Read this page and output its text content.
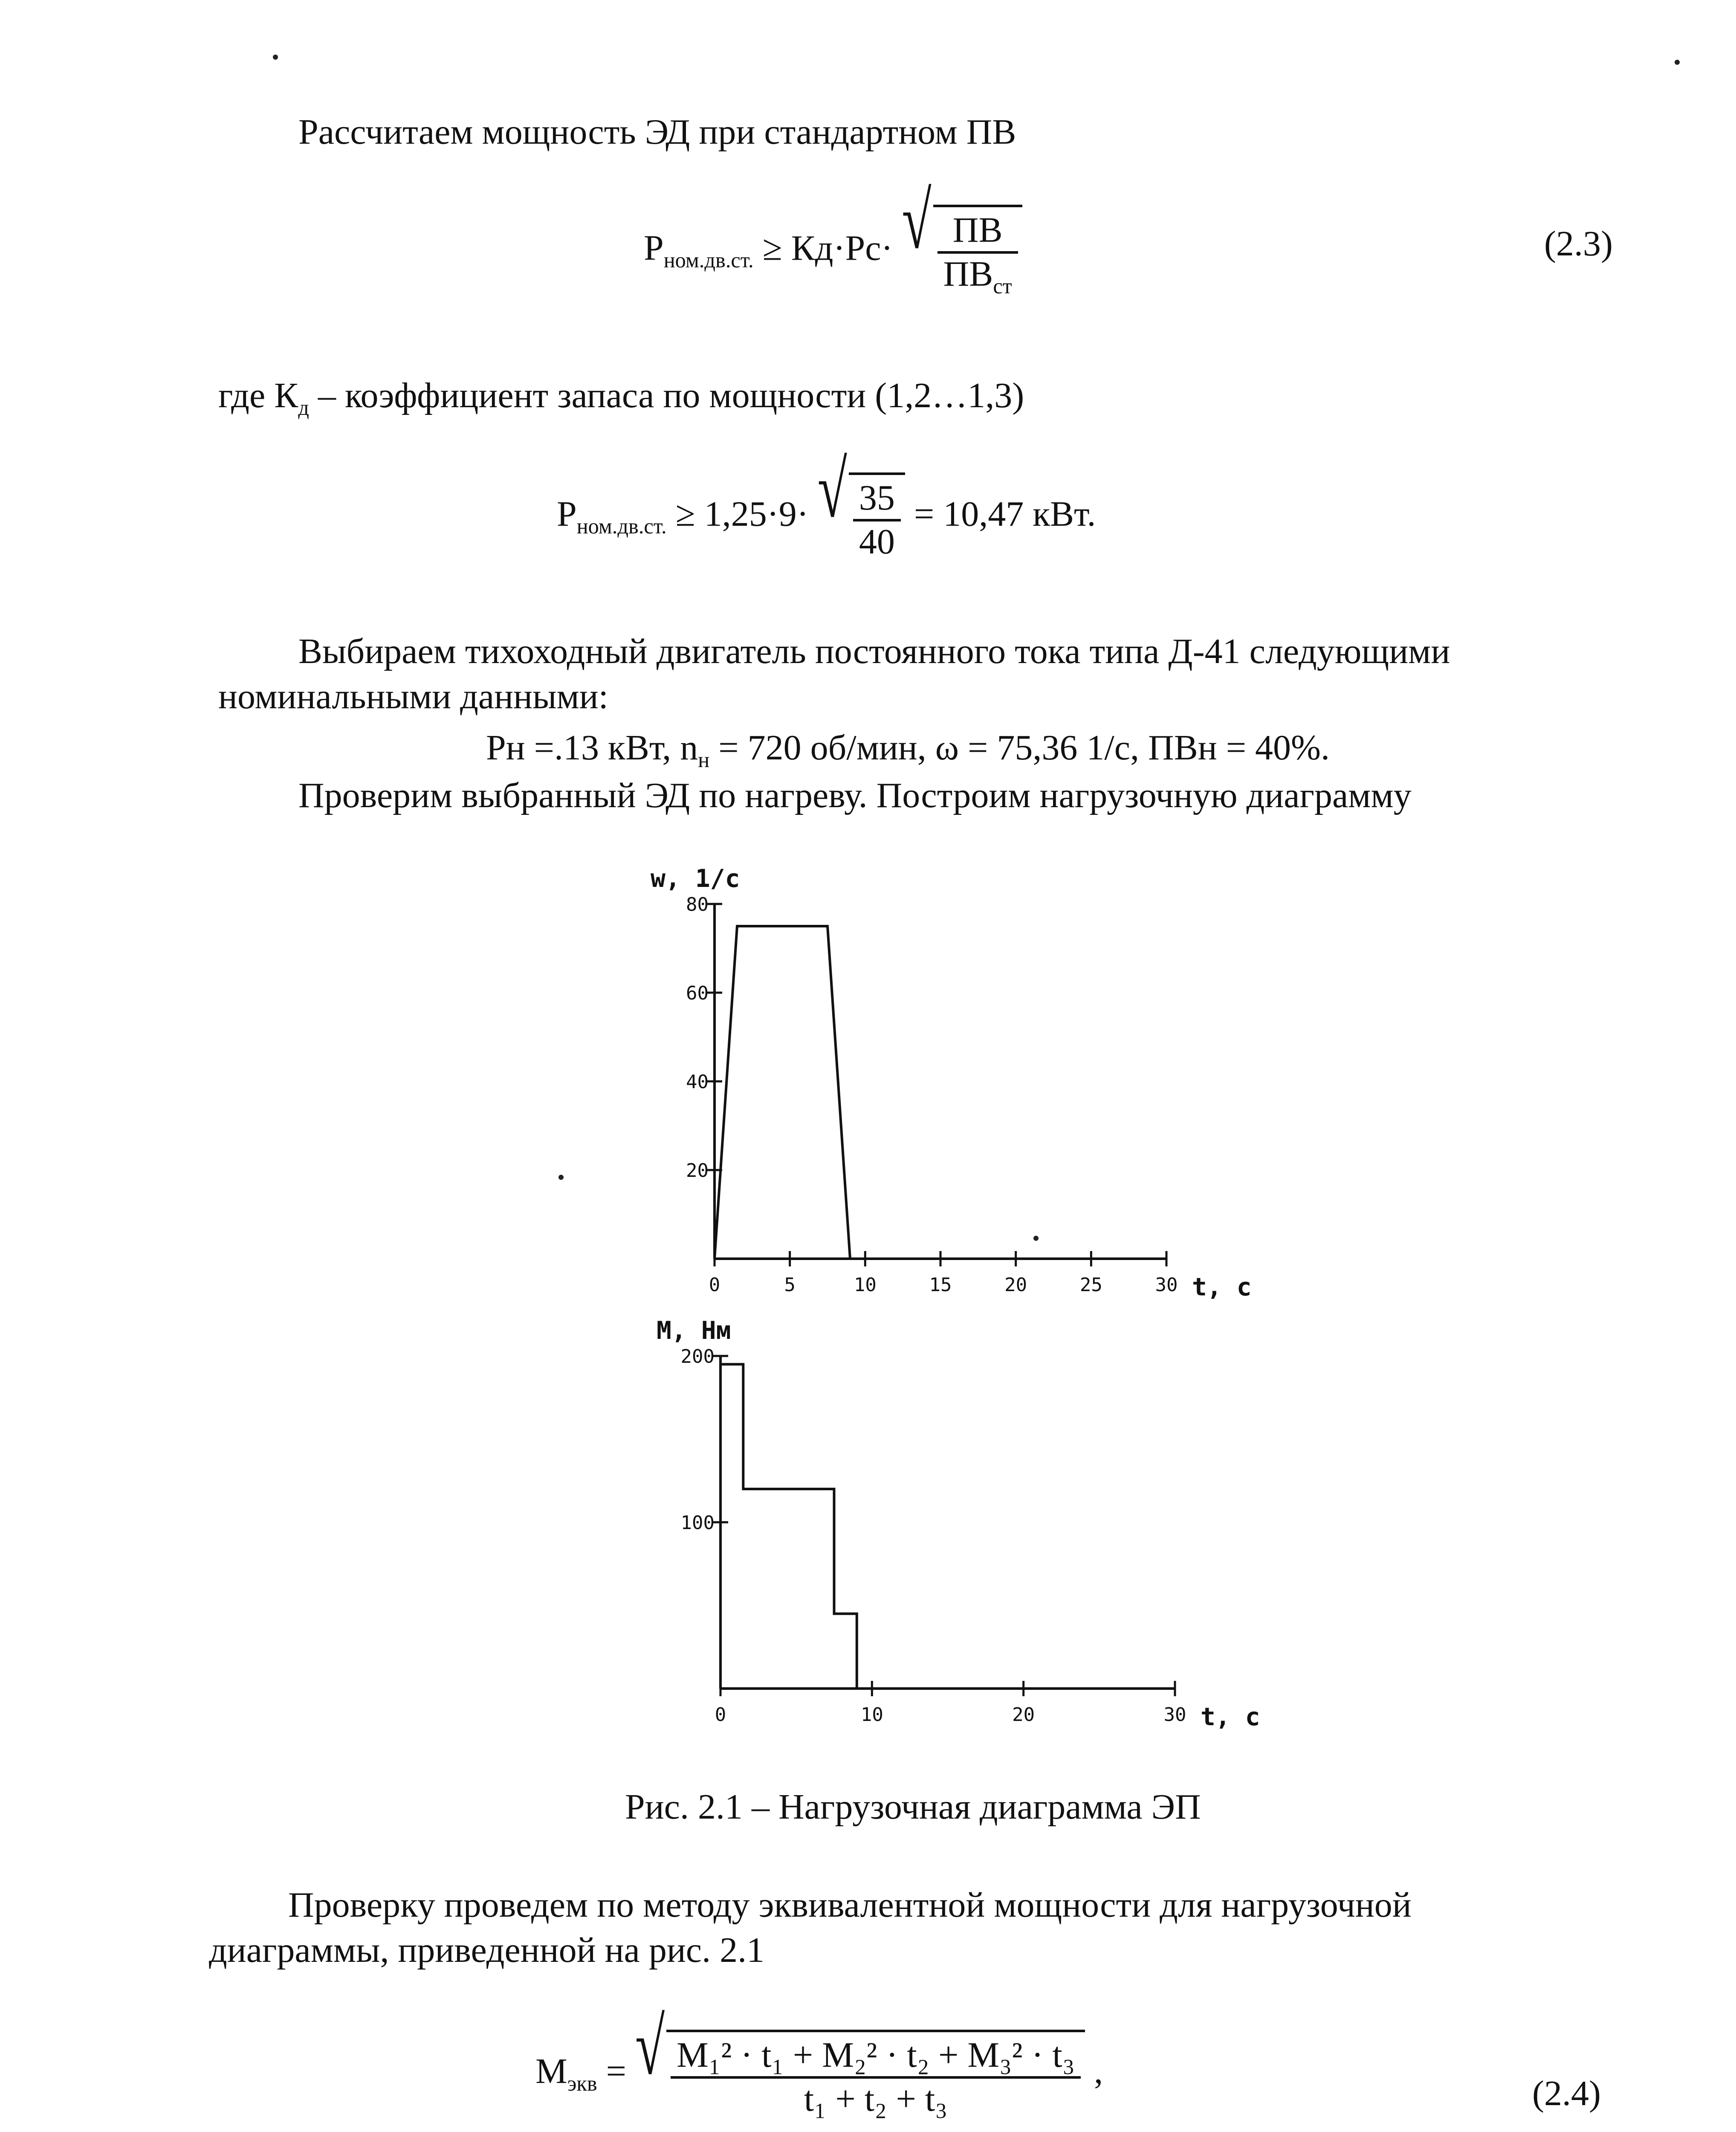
Рассчитаем мощность ЭД при стандартном ПВ
$P_{ном.дв.ст.} \ge Кд\cdot Рс\cdot$ √ $\frac{ПВ}{ПВ_{ст}}$	(2.3)
где $К_д$ – коэффициент запаса по мощности (1,2…1,3)
$P_{ном.дв.ст.} \ge 1,25\cdot 9\cdot$ √ $\frac{35}{40} = 10,47$ кВт.
Выбираем тихоходный двигатель постоянного тока типа Д-41 следующими
номинальными данными:
Рн =.13 кВт, $n_н = 720$ об/мин, ω = 75,36 1/с, ПВн = 40%.
Проверим выбранный ЭД по нагреву. Построим нагрузочную диаграмму
0	5	10	15	20	25	30
20
40
60
80
w, 1/c
t, c
0	10	20	30
100
200
M, Нм
t, c
Рис. 2.1 – Нагрузочная диаграмма ЭП
Проверку проведем по методу эквивалентной мощности для нагрузочной
диаграммы, приведенной на рис. 2.1
$M_{экв}$ = √ $\frac{\text{M₁² · t₁ + M₂² · t₂ + M₃² · t₃}}{\text{t₁ + t₂ + t₃}}$ ,
(2.4)
